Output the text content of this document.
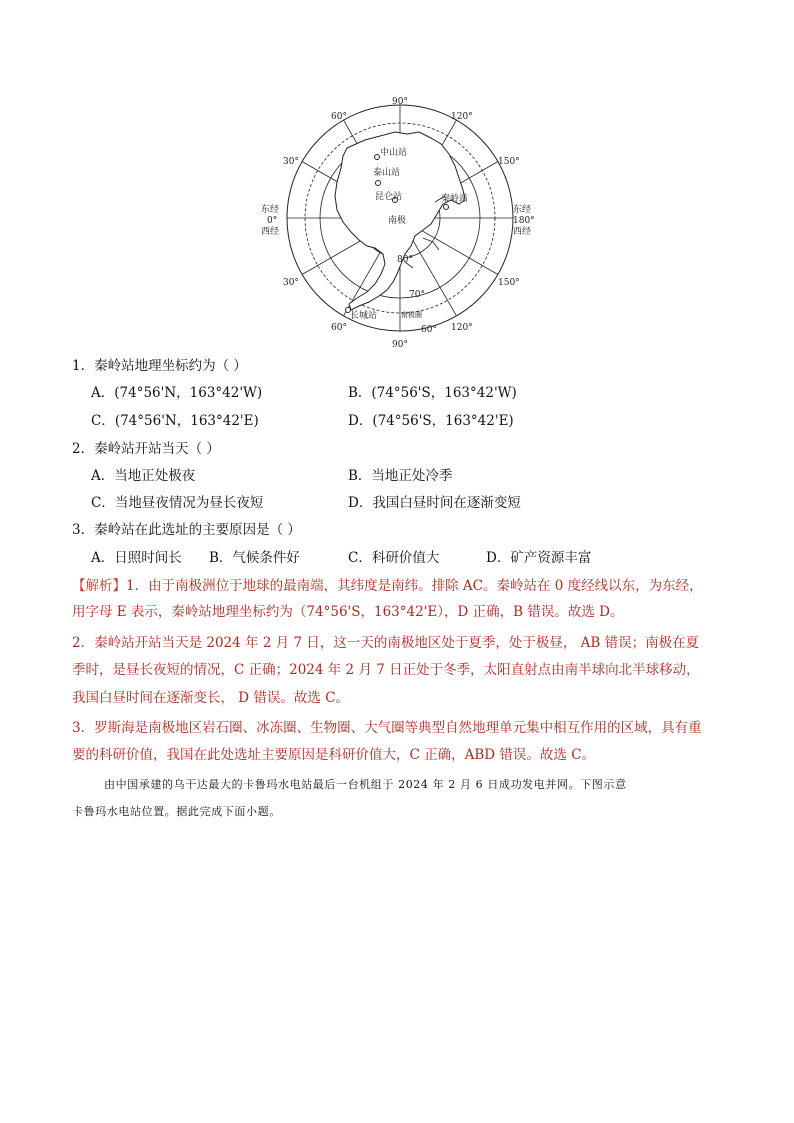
90°
60°	120°
30°	150°
东经
0°
西经
东经
180°
西经
30°	150°
60°
90°
60° 120°
中山站
泰山站
昆仑站
南极
秦岭站
长城站
80°
70°
南极圈
1．秦岭站地理坐标约为（ ）
A．(74°56'N，163°42'W)	B．(74°56'S，163°42'W)
C．(74°56'N，163°42'E)	D．(74°56'S，163°42'E)
2．秦岭站开站当天（ ）
A．当地正处极夜	B．当地正处冷季
C．当地昼夜情况为昼长夜短	D．我国白昼时间在逐渐变短
3．秦岭站在此选址的主要原因是（ ）
A．日照时间长 B．气候条件好	C．科研价值大	D．矿产资源丰富
【解析】1．由于南极洲位于地球的最南端，其纬度是南纬。排除 AC。秦岭站在 0 度经线以东，为东经，
用字母 E 表示，秦岭站地理坐标约为（74°56'S，163°42'E），D 正确，B 错误。故选 D。
2．秦岭站开站当天是 2024 年 2 月 7 日，这一天的南极地区处于夏季，处于极昼， AB 错误；南极在夏
季时，是昼长夜短的情况，C 正确；2024 年 2 月 7 日正处于冬季，太阳直射点由南半球向北半球移动，
我国白昼时间在逐渐变长， D 错误。故选 C。
3．罗斯海是南极地区岩石圈、冰冻圈、生物圈、大气圈等典型自然地理单元集中相互作用的区域，具有重
要的科研价值，我国在此处选址主要原因是科研价值大，C 正确，ABD 错误。故选 C。
由中国承建的乌干达最大的卡鲁玛水电站最后一台机组于 2024 年 2 月 6 日成功发电并网。下图示意
卡鲁玛水电站位置。据此完成下面小题。
